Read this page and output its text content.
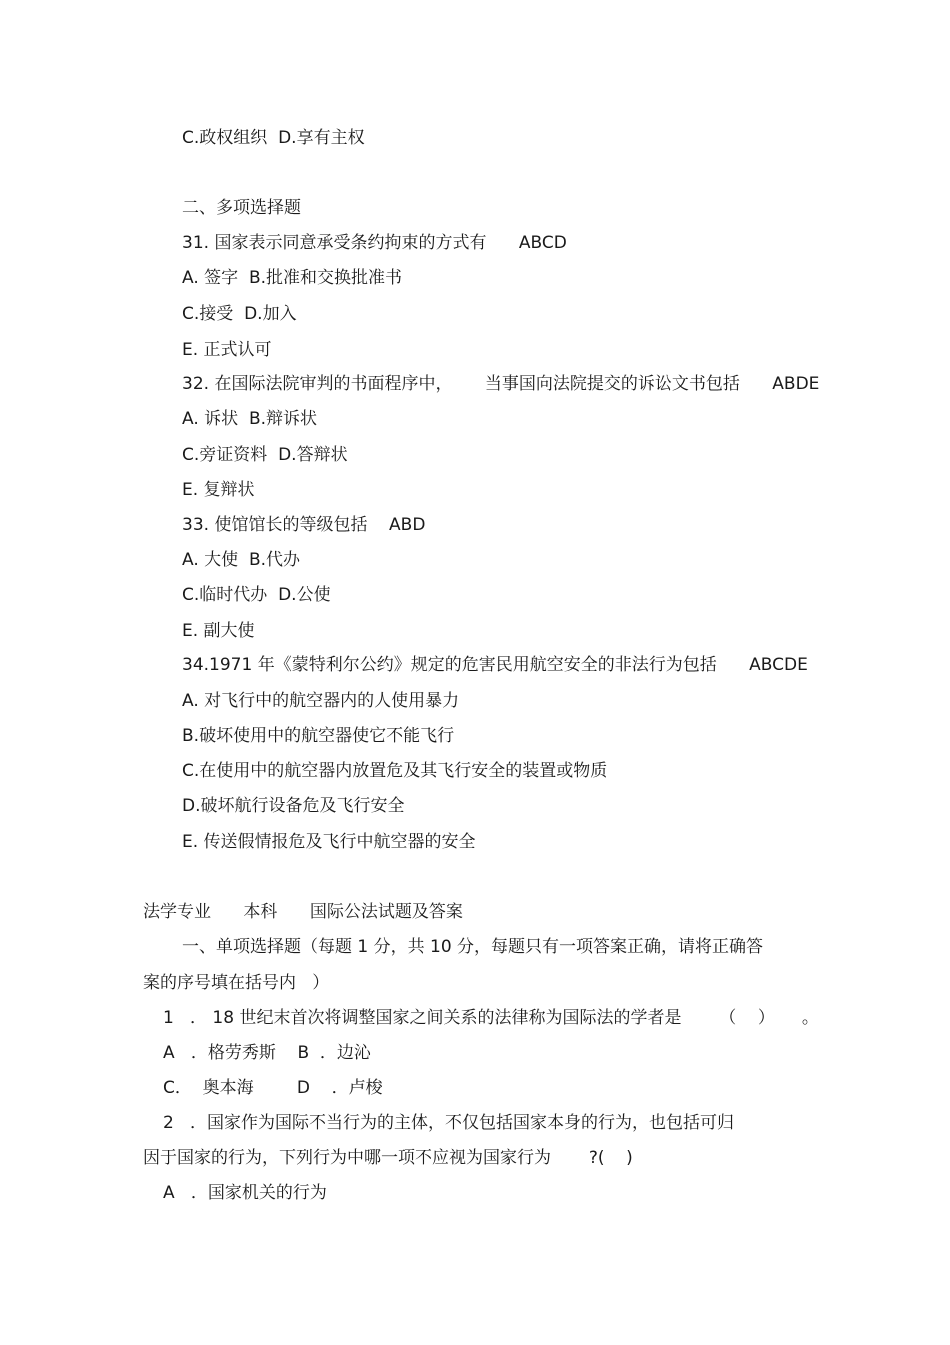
C.政权组织  D.享有主权
二、多项选择题
31. 国家表示同意承受条约拘束的方式有      ABCD
A. 签字  B.批准和交换批准书
C.接受  D.加入
E. 正式认可
32. 在国际法院审判的书面程序中，      当事国向法院提交的诉讼文书包括      ABDE
A. 诉状  B.辩诉状
C.旁证资料  D.答辩状
E. 复辩状
33. 使馆馆长的等级包括    ABD
A. 大使  B.代办
C.临时代办  D.公使
E. 副大使
34.1971 年《蒙特利尔公约》规定的危害民用航空安全的非法行为包括      ABCDE
A. 对飞行中的航空器内的人使用暴力
B.破坏使用中的航空器使它不能飞行
C.在使用中的航空器内放置危及其飞行安全的装置或物质
D.破坏航行设备危及飞行安全
E. 传送假情报危及飞行中航空器的安全
法学专业      本科      国际公法试题及答案
一、单项选择题（每题 1 分，共 10 分，每题只有一项答案正确，请将正确答
案的序号填在括号内   ）
1   ． 18 世纪末首次将调整国家之间关系的法律称为国际法的学者是       （    ）     。
A   ．格劳秀斯    B  ．边沁
C．  奥本海        D    ．卢梭
2   ．国家作为国际不当行为的主体，不仅包括国家本身的行为，也包括可归
因于国家的行为，下列行为中哪一项不应视为国家行为       ?(    )
A   ．国家机关的行为
